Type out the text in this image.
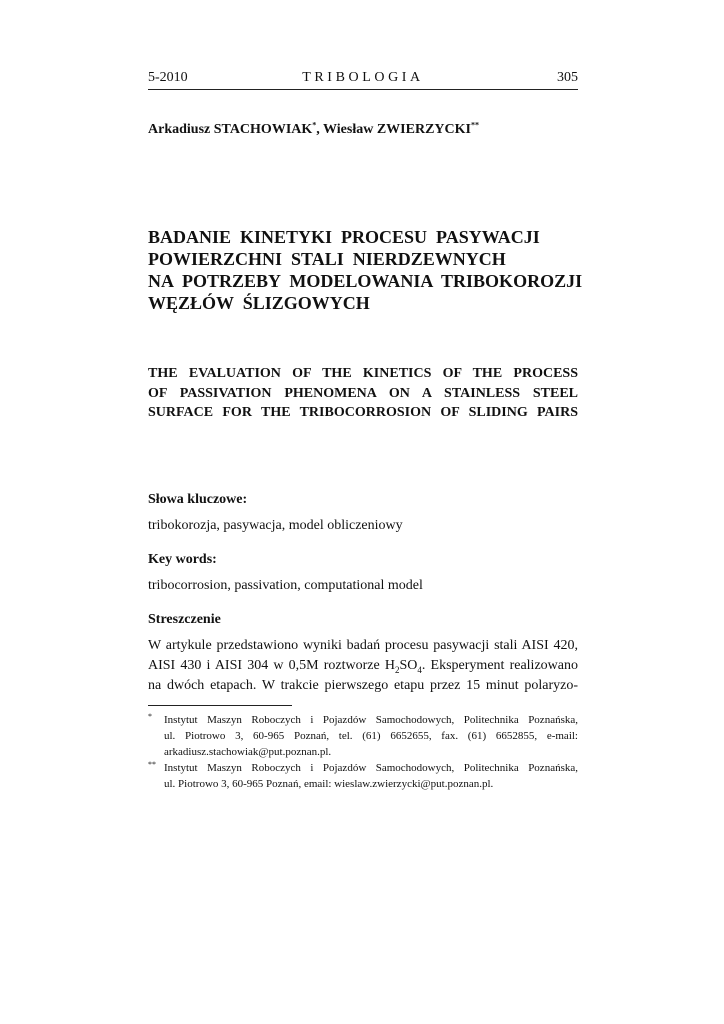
5-2010	TRIBOLOGIA	305
Arkadiusz STACHOWIAK*, Wiesław ZWIERZYCKI**
BADANIE  KINETYKI  PROCESU  PASYWACJI
POWIERZCHNI  STALI  NIERDZEWNYCH
NA  POTRZEBY  MODELOWANIA  TRIBOKOROZJI
WĘZŁÓW  ŚLIZGOWYCH
THE EVALUATION OF THE KINETICS OF THE PROCESS
OF PASSIVATION PHENOMENA ON A STAINLESS STEEL
SURFACE FOR THE TRIBOCORROSION OF SLIDING PAIRS
Słowa kluczowe:
tribokorozja, pasywacja, model obliczeniowy
Key words:
tribocorrosion, passivation, computational model
Streszczenie
W artykule przedstawiono wyniki badań procesu pasywacji stali AISI 420,
AISI 430 i AISI 304 w 0,5M roztworze $H_2SO_4$. Eksperyment realizowano
na dwóch etapach. W trakcie pierwszego etapu przez 15 minut polaryzo-
* Instytut Maszyn Roboczych i Pojazdów Samochodowych, Politechnika Poznańska,
ul. Piotrowo 3, 60-965 Poznań, tel. (61) 6652655, fax. (61) 6652855, e-mail:
arkadiusz.stachowiak@put.poznan.pl.
** Instytut Maszyn Roboczych i Pojazdów Samochodowych, Politechnika Poznańska,
ul. Piotrowo 3, 60-965 Poznań, email: wieslaw.zwierzycki@put.poznan.pl.
